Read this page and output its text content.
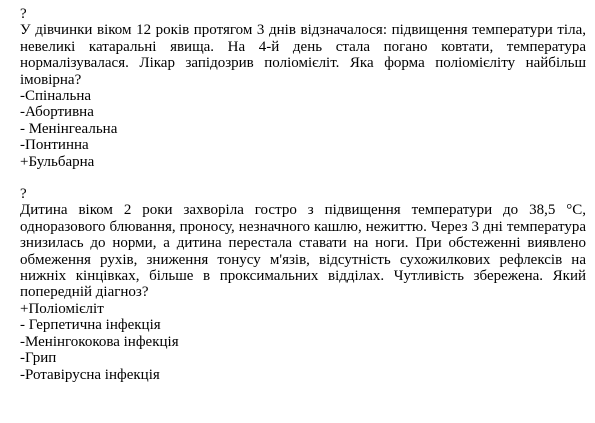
?

У дівчинки віком 12 років протягом 3 днів відзначалося: підвищення температури тіла, невеликі катаральні явища. На 4-й день стала погано ковтати, температура нормалізувалася. Лікар запідозрив поліомієліт. Яка форма поліомієліту найбільш імовірна?

-Спінальна
-Абортивна
- Менінгеальна
-Понтинна
+Бульбарна
?

Дитина віком 2 роки захворіла гостро з підвищення температури до 38,5 °С, одноразового блювання, проносу, незначного кашлю, нежиттю. Через 3 дні температура знизилась до норми, а дитина перестала ставати на ноги. При обстеженні виявлено обмеження рухів, зниження тонусу м'язів, відсутність сухожилкових рефлексів на нижніх кінцівках, більше в проксимальних відділах. Чутливість збережена. Який попередній діагноз?

+Поліомієліт
- Герпетична інфекція
-Менінгококова інфекція
-Грип
-Ротавірусна інфекція
